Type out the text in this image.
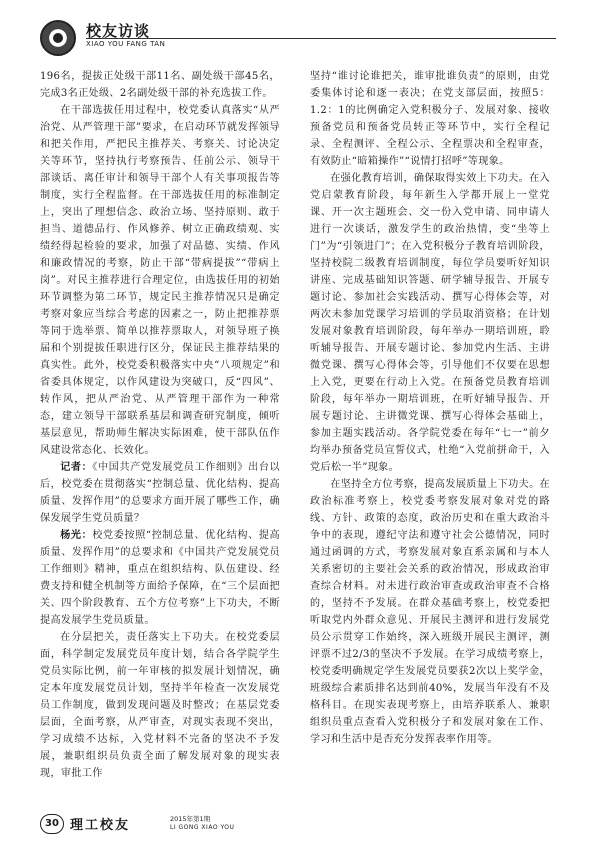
校友访谈
XIAO YOU FANG TAN

196名，提拔正处级干部11名、副处级干部45名，完成3名正处级、2名副处级干部的补充选拔工作。

在干部选拔任用过程中，校党委认真落实“从严治党、从严管理干部”要求，在启动环节就发挥领导和把关作用，严把民主推荐关、考察关、讨论决定关等环节，坚持执行考察预告、任前公示、领导干部谈话、离任审计和领导干部个人有关事项报告等制度，实行全程监督。在干部选拔任用的标准制定上，突出了理想信念、政治立场、坚持原则、敢于担当、道德品行、作风修养、树立正确政绩观、实绩经得起检验的要求，加强了对品德、实绩、作风和廉政情况的考察，防止干部“带病提拔”“带病上岗”。对民主推荐进行合理定位，由选拔任用的初始环节调整为第二环节，规定民主推荐情况只是确定考察对象应当综合考虑的因素之一，防止把推荐票等同于选举票、简单以推荐票取人，对领导班子换届和个别提拔任职进行区分，保证民主推荐结果的真实性。此外，校党委积极落实中央“八项规定”和省委具体规定，以作风建设为突破口，反“四风”、转作风，把从严治党、从严管理干部作为一种常态，建立领导干部联系基层和调查研究制度，倾听基层意见，帮助师生解决实际困难，使干部队伍作风建设常态化、长效化。

记者：《中国共产党发展党员工作细则》出台以后，校党委在贯彻落实“控制总量、优化结构、提高质量、发挥作用”的总要求方面开展了哪些工作，确保发展学生党员质量？

杨光：校党委按照“控制总量、优化结构、提高质量、发挥作用”的总要求和《中国共产党发展党员工作细则》精神，重点在组织结构、队伍建设、经费支持和健全机制等方面给予保障，在“三个层面把关、四个阶段教育、五个方位考察”上下功夫，不断提高发展学生党员质量。

在分层把关，责任落实上下功夫。在校党委层面，科学制定发展党员年度计划，结合各学院学生党员实际比例，前一年审核的拟发展计划情况，确定本年度发展党员计划，坚持半年检查一次发展党员工作制度，做到发现问题及时整改；在基层党委层面，全面考察，从严审查，对现实表现不突出，学习成绩不达标，入党材料不完备的坚决不予发展，兼职组织员负责全面了解发展对象的现实表现，审批工作

坚持“谁讨论谁把关，谁审批谁负责”的原则，由党委集体讨论和逐一表决；在党支部层面，按照5：1.2：1的比例确定入党积极分子、发展对象、接收预备党员和预备党员转正等环节中，实行全程记录、全程测评、全程公示、全程票决和全程审查，有效防止“暗箱操作”“说情打招呼”等现象。

在强化教育培训，确保取得实效上下功夫。在入党启蒙教育阶段，每年新生入学都开展上一堂党课、开一次主题班会、交一份入党申请、同申请人进行一次谈话，激发学生的政治热情，变“坐等上门”为“引领进门”；在入党积极分子教育培训阶段，坚持校院二级教育培训制度，每位学员要听好知识讲座、完成基础知识答题、研学辅导报告、开展专题讨论、参加社会实践活动、撰写心得体会等，对两次未参加党课学习培训的学员取消资格；在计划发展对象教育培训阶段，每年举办一期培训班，聆听辅导报告、开展专题讨论、参加党内生活、主讲微党课、撰写心得体会等，引导他们不仅要在思想上入党，更要在行动上入党。在预备党员教育培训阶段，每年举办一期培训班，在听好辅导报告、开展专题讨论、主讲微党课、撰写心得体会基础上，参加主题实践活动。各学院党委在每年“七一”前夕均举办预备党员宣誓仪式，杜绝“入党前拼命干，入党后松一半”现象。

在坚持全方位考察，提高发展质量上下功夫。在政治标准考察上，校党委考察发展对象对党的路线、方针、政策的态度，政治历史和在重大政治斗争中的表现，遵纪守法和遵守社会公德情况，同时通过函调的方式，考察发展对象直系亲属和与本人关系密切的主要社会关系的政治情况，形成政治审查综合材料。对未进行政治审查或政治审查不合格的，坚持不予发展。在群众基础考察上，校党委把听取党内外群众意见、开展民主测评和进行发展党员公示贯穿工作始终，深入班级开展民主测评，测评票不过2/3的坚决不予发展。在学习成绩考察上，校党委明确规定学生发展党员要获2次以上奖学金，班级综合素质排名达到前40%，发展当年没有不及格科目。在现实表现考察上，由培养联系人、兼职组织员重点查看入党积极分子和发展对象在工作、学习和生活中是否充分发挥表率作用等。

30 理工校友	2015年第1期
LI GONG XIAO YOU
